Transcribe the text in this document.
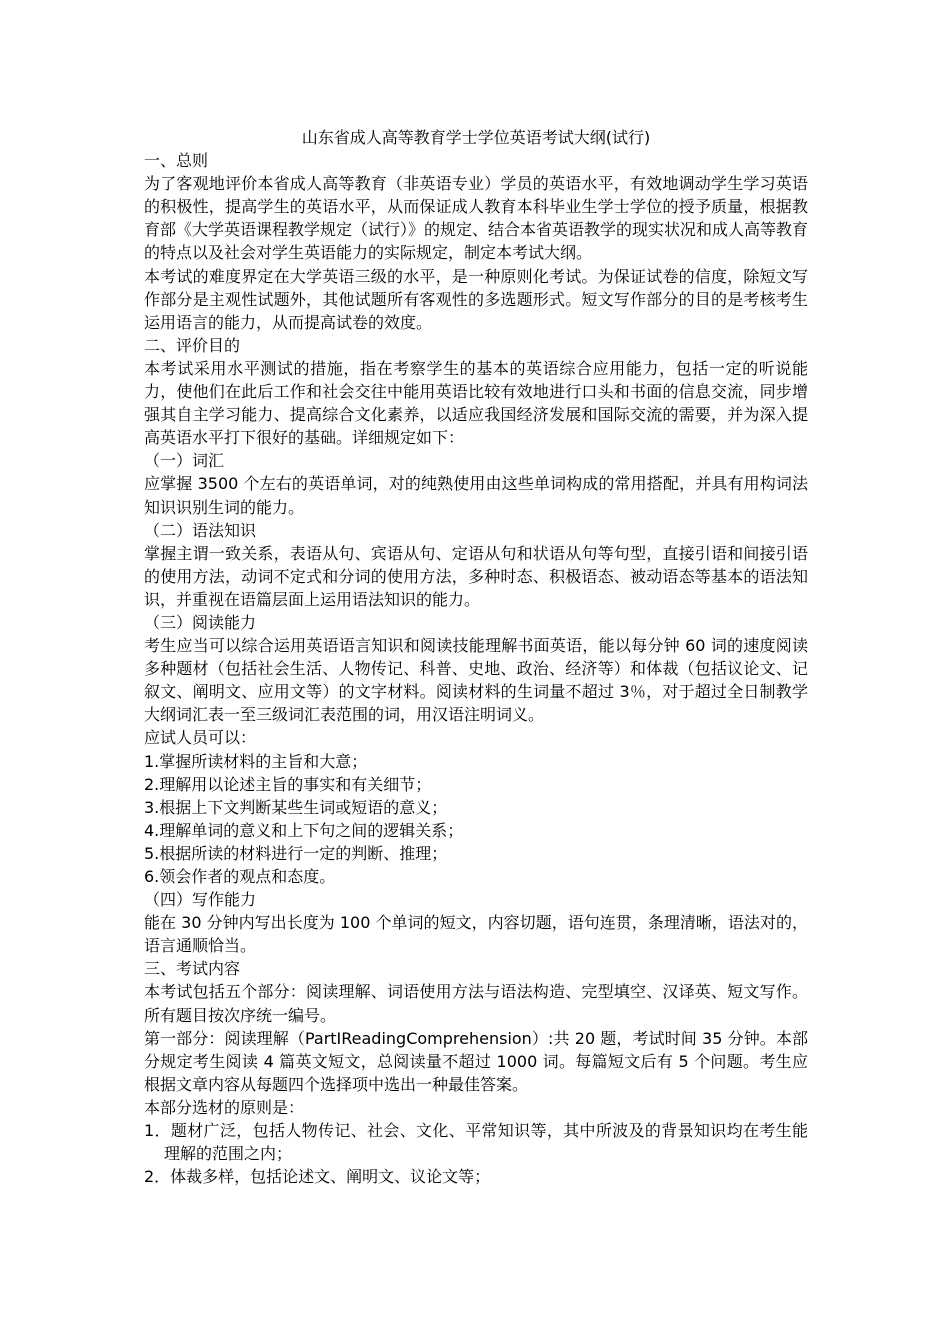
山东省成人高等教育学士学位英语考试大纲(试行)

一、总则

为了客观地评价本省成人高等教育（非英语专业）学员的英语水平，有效地调动学生学习英语的积极性，提高学生的英语水平，从而保证成人教育本科毕业生学士学位的授予质量，根据教育部《大学英语课程教学规定（试行）》的规定、结合本省英语教学的现实状况和成人高等教育的特点以及社会对学生英语能力的实际规定，制定本考试大纲。

本考试的难度界定在大学英语三级的水平，是一种原则化考试。为保证试卷的信度，除短文写作部分是主观性试题外，其他试题所有客观性的多选题形式。短文写作部分的目的是考核考生运用语言的能力，从而提高试卷的效度。

二、评价目的

本考试采用水平测试的措施，指在考察学生的基本的英语综合应用能力，包括一定的听说能力，使他们在此后工作和社会交往中能用英语比较有效地进行口头和书面的信息交流，同步增强其自主学习能力、提高综合文化素养，以适应我国经济发展和国际交流的需要，并为深入提高英语水平打下很好的基础。详细规定如下：

（一）词汇

应掌握 3500 个左右的英语单词，对的纯熟使用由这些单词构成的常用搭配，并具有用构词法知识识别生词的能力。

（二）语法知识

掌握主谓一致关系，表语从句、宾语从句、定语从句和状语从句等句型，直接引语和间接引语的使用方法，动词不定式和分词的使用方法，多种时态、积极语态、被动语态等基本的语法知识，并重视在语篇层面上运用语法知识的能力。

（三）阅读能力

考生应当可以综合运用英语语言知识和阅读技能理解书面英语，能以每分钟 60 词的速度阅读多种题材（包括社会生活、人物传记、科普、史地、政治、经济等）和体裁（包括议论文、记叙文、阐明文、应用文等）的文字材料。阅读材料的生词量不超过 3％，对于超过全日制教学大纲词汇表一至三级词汇表范围的词，用汉语注明词义。

应试人员可以：

1.掌握所读材料的主旨和大意；

2.理解用以论述主旨的事实和有关细节；

3.根据上下文判断某些生词或短语的意义；

4.理解单词的意义和上下句之间的逻辑关系；

5.根据所读的材料进行一定的判断、推理；

6.领会作者的观点和态度。

（四）写作能力

能在 30 分钟内写出长度为 100 个单词的短文，内容切题，语句连贯，条理清晰，语法对的，语言通顺恰当。

三、考试内容

本考试包括五个部分：阅读理解、词语使用方法与语法构造、完型填空、汉译英、短文写作。所有题目按次序统一编号。

第一部分：阅读理解（PartIReadingComprehension）:共 20 题，考试时间 35 分钟。本部分规定考生阅读 4 篇英文短文，总阅读量不超过 1000 词。每篇短文后有 5 个问题。考生应根据文章内容从每题四个选择项中选出一种最佳答案。

本部分选材的原则是：

1．题材广泛，包括人物传记、社会、文化、平常知识等，其中所波及的背景知识均在考生能理解的范围之内；

2．体裁多样，包括论述文、阐明文、议论文等；
